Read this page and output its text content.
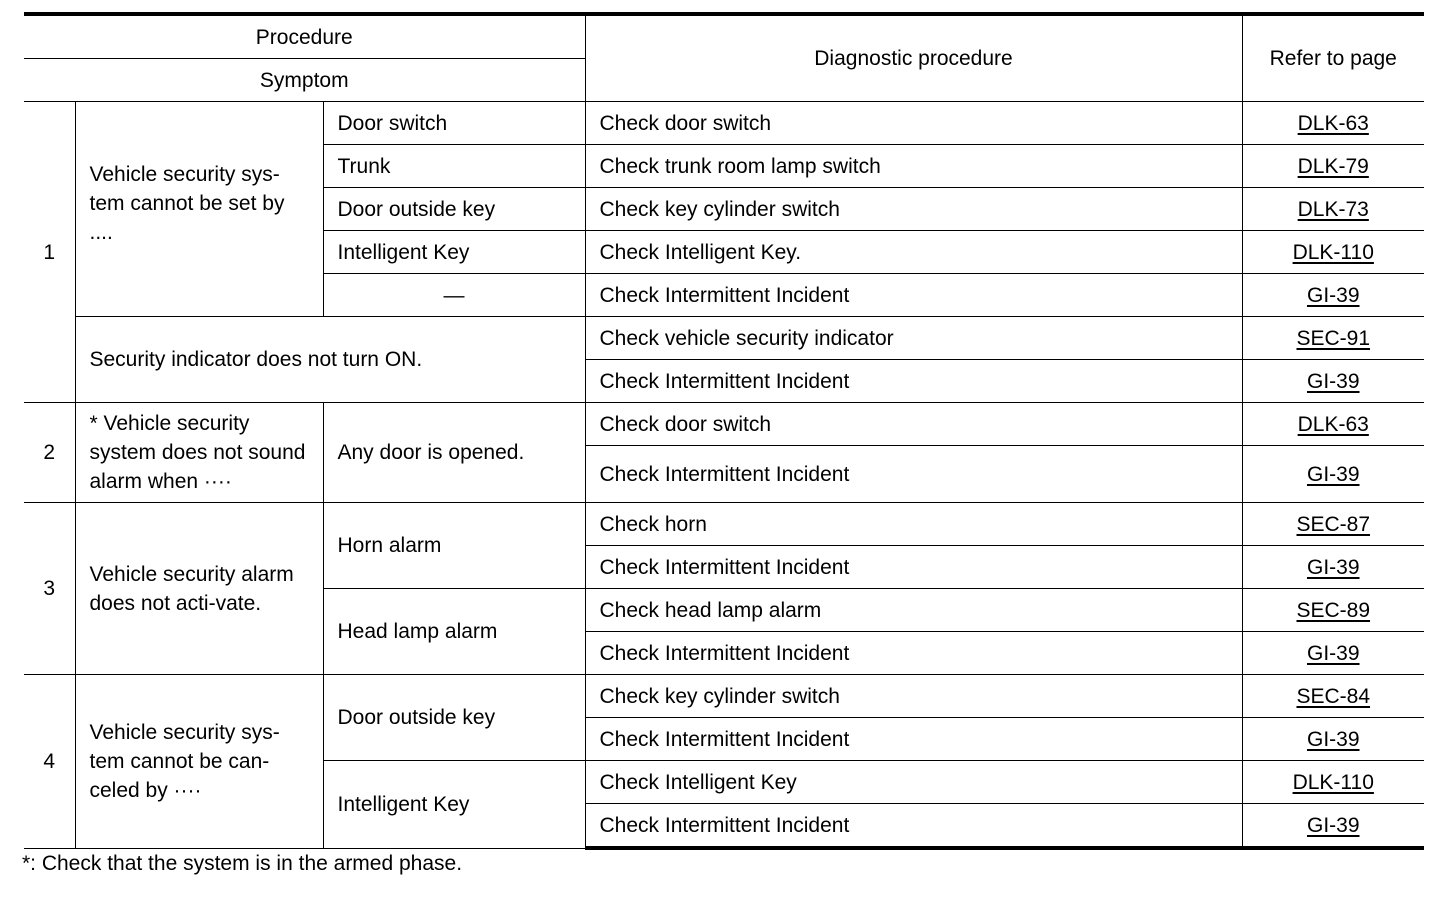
Procedure			Diagnostic procedure	Refer to page
Symptom				
1	Vehicle security sys-tem cannot be set by ....	Door switch	Check door switch	DLK-63
		Trunk	Check trunk room lamp switch	DLK-79
		Door outside key	Check key cylinder switch	DLK-73
		Intelligent Key	Check Intelligent Key.	DLK-110
		—	Check Intermittent Incident	GI-39
	Security indicator does not turn ON.		Check vehicle security indicator	SEC-91
			Check Intermittent Incident	GI-39
2	* Vehicle security system does not sound alarm when ····	Any door is opened.	Check door switch	DLK-63
			Check Intermittent Incident	GI-39
3	Vehicle security alarm does not acti-vate.	Horn alarm	Check horn	SEC-87
			Check Intermittent Incident	GI-39
		Head lamp alarm	Check head lamp alarm	SEC-89
			Check Intermittent Incident	GI-39
4	Vehicle security sys-tem cannot be can-celed by ····	Door outside key	Check key cylinder switch	SEC-84
			Check Intermittent Incident	GI-39
		Intelligent Key	Check Intelligent Key	DLK-110
			Check Intermittent Incident	GI-39
*: Check that the system is in the armed phase.
